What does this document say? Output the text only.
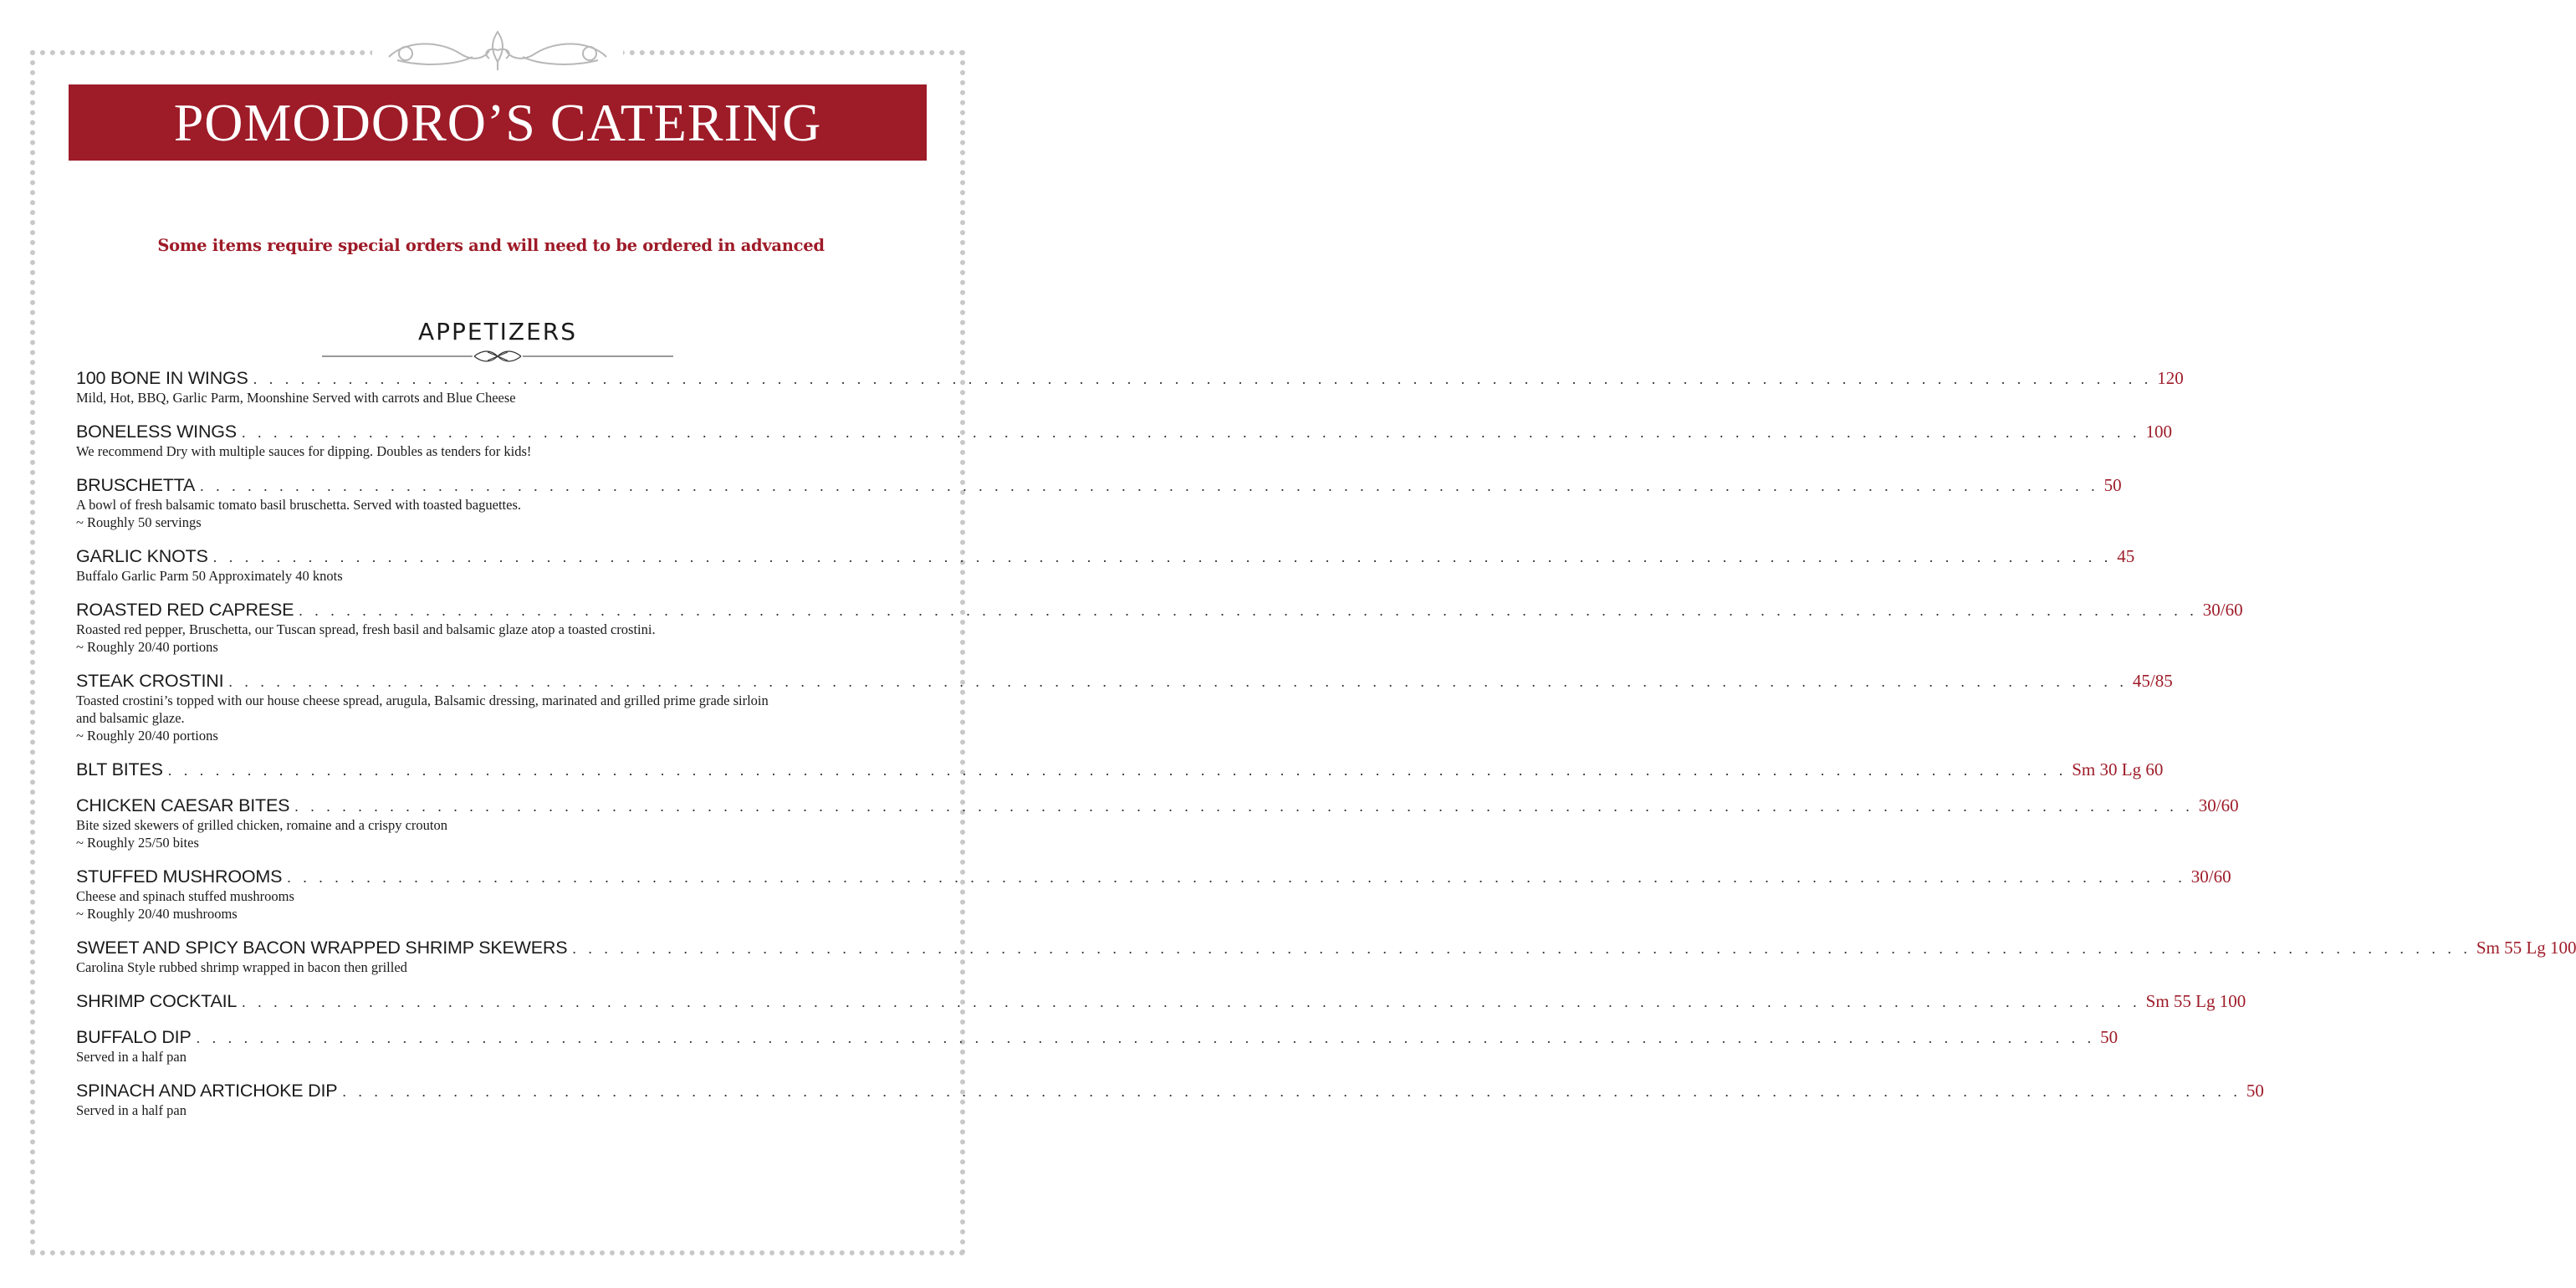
POMODORO’S CATERING
Some items require special orders and will need to be ordered in advanced
APPETIZERS
100 BONE IN WINGS . . . . . . . . . . . . . . . . . . . . . . . . . . . . . . . . . . . . . . . . . . . . . . . . . . . . . . . . . . . . . . . . . . . . . . . . . . . . . . . . . . . . . . . . . . . . . . . . . . . . . . . . . . . . . . . . . . . . . . . . 120
Mild, Hot, BBQ, Garlic Parm, Moonshine Served with carrots and Blue Cheese
BONELESS WINGS . . . . . . . . . . . . . . . . . . . . . . . . . . . . . . . . . . . . . . . . . . . . . . . . . . . . . . . . . . . . . . . . . . . . . . . . . . . . . . . . . . . . . . . . . . . . . . . . . . . . . . . . . . . . . . . . . . . . . . . . 100
We recommend Dry with multiple sauces for dipping. Doubles as tenders for kids!
BRUSCHETTA . . . . . . . . . . . . . . . . . . . . . . . . . . . . . . . . . . . . . . . . . . . . . . . . . . . . . . . . . . . . . . . . . . . . . . . . . . . . . . . . . . . . . . . . . . . . . . . . . . . . . . . . . . . . . . . . . . . . . . . . 50
A bowl of fresh balsamic tomato basil bruschetta. Served with toasted baguettes.
~ Roughly 50 servings
GARLIC KNOTS . . . . . . . . . . . . . . . . . . . . . . . . . . . . . . . . . . . . . . . . . . . . . . . . . . . . . . . . . . . . . . . . . . . . . . . . . . . . . . . . . . . . . . . . . . . . . . . . . . . . . . . . . . . . . . . . . . . . . . . . 45
Buffalo Garlic Parm 50 Approximately 40 knots
ROASTED RED CAPRESE . . . . . . . . . . . . . . . . . . . . . . . . . . . . . . . . . . . . . . . . . . . . . . . . . . . . . . . . . . . . . . . . . . . . . . . . . . . . . . . . . . . . . . . . . . . . . . . . . . . . . . . . . . . . . . . . . . . . . . . . 30/60
Roasted red pepper, Bruschetta, our Tuscan spread, fresh basil and balsamic glaze atop a toasted crostini.
~ Roughly 20/40 portions
STEAK CROSTINI . . . . . . . . . . . . . . . . . . . . . . . . . . . . . . . . . . . . . . . . . . . . . . . . . . . . . . . . . . . . . . . . . . . . . . . . . . . . . . . . . . . . . . . . . . . . . . . . . . . . . . . . . . . . . . . . . . . . . . . . 45/85
Toasted crostini’s topped with our house cheese spread, arugula, Balsamic dressing, marinated and grilled prime grade sirloin
and balsamic glaze.
~ Roughly 20/40 portions
BLT BITES . . . . . . . . . . . . . . . . . . . . . . . . . . . . . . . . . . . . . . . . . . . . . . . . . . . . . . . . . . . . . . . . . . . . . . . . . . . . . . . . . . . . . . . . . . . . . . . . . . . . . . . . . . . . . . . . . . . . . . . . Sm 30 Lg 60
CHICKEN CAESAR BITES . . . . . . . . . . . . . . . . . . . . . . . . . . . . . . . . . . . . . . . . . . . . . . . . . . . . . . . . . . . . . . . . . . . . . . . . . . . . . . . . . . . . . . . . . . . . . . . . . . . . . . . . . . . . . . . . . . . . . . . . 30/60
Bite sized skewers of grilled chicken, romaine and a crispy crouton
~ Roughly 25/50 bites
STUFFED MUSHROOMS . . . . . . . . . . . . . . . . . . . . . . . . . . . . . . . . . . . . . . . . . . . . . . . . . . . . . . . . . . . . . . . . . . . . . . . . . . . . . . . . . . . . . . . . . . . . . . . . . . . . . . . . . . . . . . . . . . . . . . . . 30/60
Cheese and spinach stuffed mushrooms
~ Roughly 20/40 mushrooms
SWEET AND SPICY BACON WRAPPED SHRIMP SKEWERS . . . . . . . . . . . . . . . . . . . . . . . . . . . . . . . . . . . . . . . . . . . . . . . . . . . . . . . . . . . . . . . . . . . . . . . . . . . . . . . . . . . . . . . . . . . . . . . . . . . . . . . . . . . . . . . . . . . . . . . . Sm 55 Lg 100
Carolina Style rubbed shrimp wrapped in bacon then grilled
SHRIMP COCKTAIL . . . . . . . . . . . . . . . . . . . . . . . . . . . . . . . . . . . . . . . . . . . . . . . . . . . . . . . . . . . . . . . . . . . . . . . . . . . . . . . . . . . . . . . . . . . . . . . . . . . . . . . . . . . . . . . . . . . . . . . . Sm 55 Lg 100
BUFFALO DIP . . . . . . . . . . . . . . . . . . . . . . . . . . . . . . . . . . . . . . . . . . . . . . . . . . . . . . . . . . . . . . . . . . . . . . . . . . . . . . . . . . . . . . . . . . . . . . . . . . . . . . . . . . . . . . . . . . . . . . . . 50
Served in a half pan
SPINACH AND ARTICHOKE DIP . . . . . . . . . . . . . . . . . . . . . . . . . . . . . . . . . . . . . . . . . . . . . . . . . . . . . . . . . . . . . . . . . . . . . . . . . . . . . . . . . . . . . . . . . . . . . . . . . . . . . . . . . . . . . . . . . . . . . . . . 50
Served in a half pan
